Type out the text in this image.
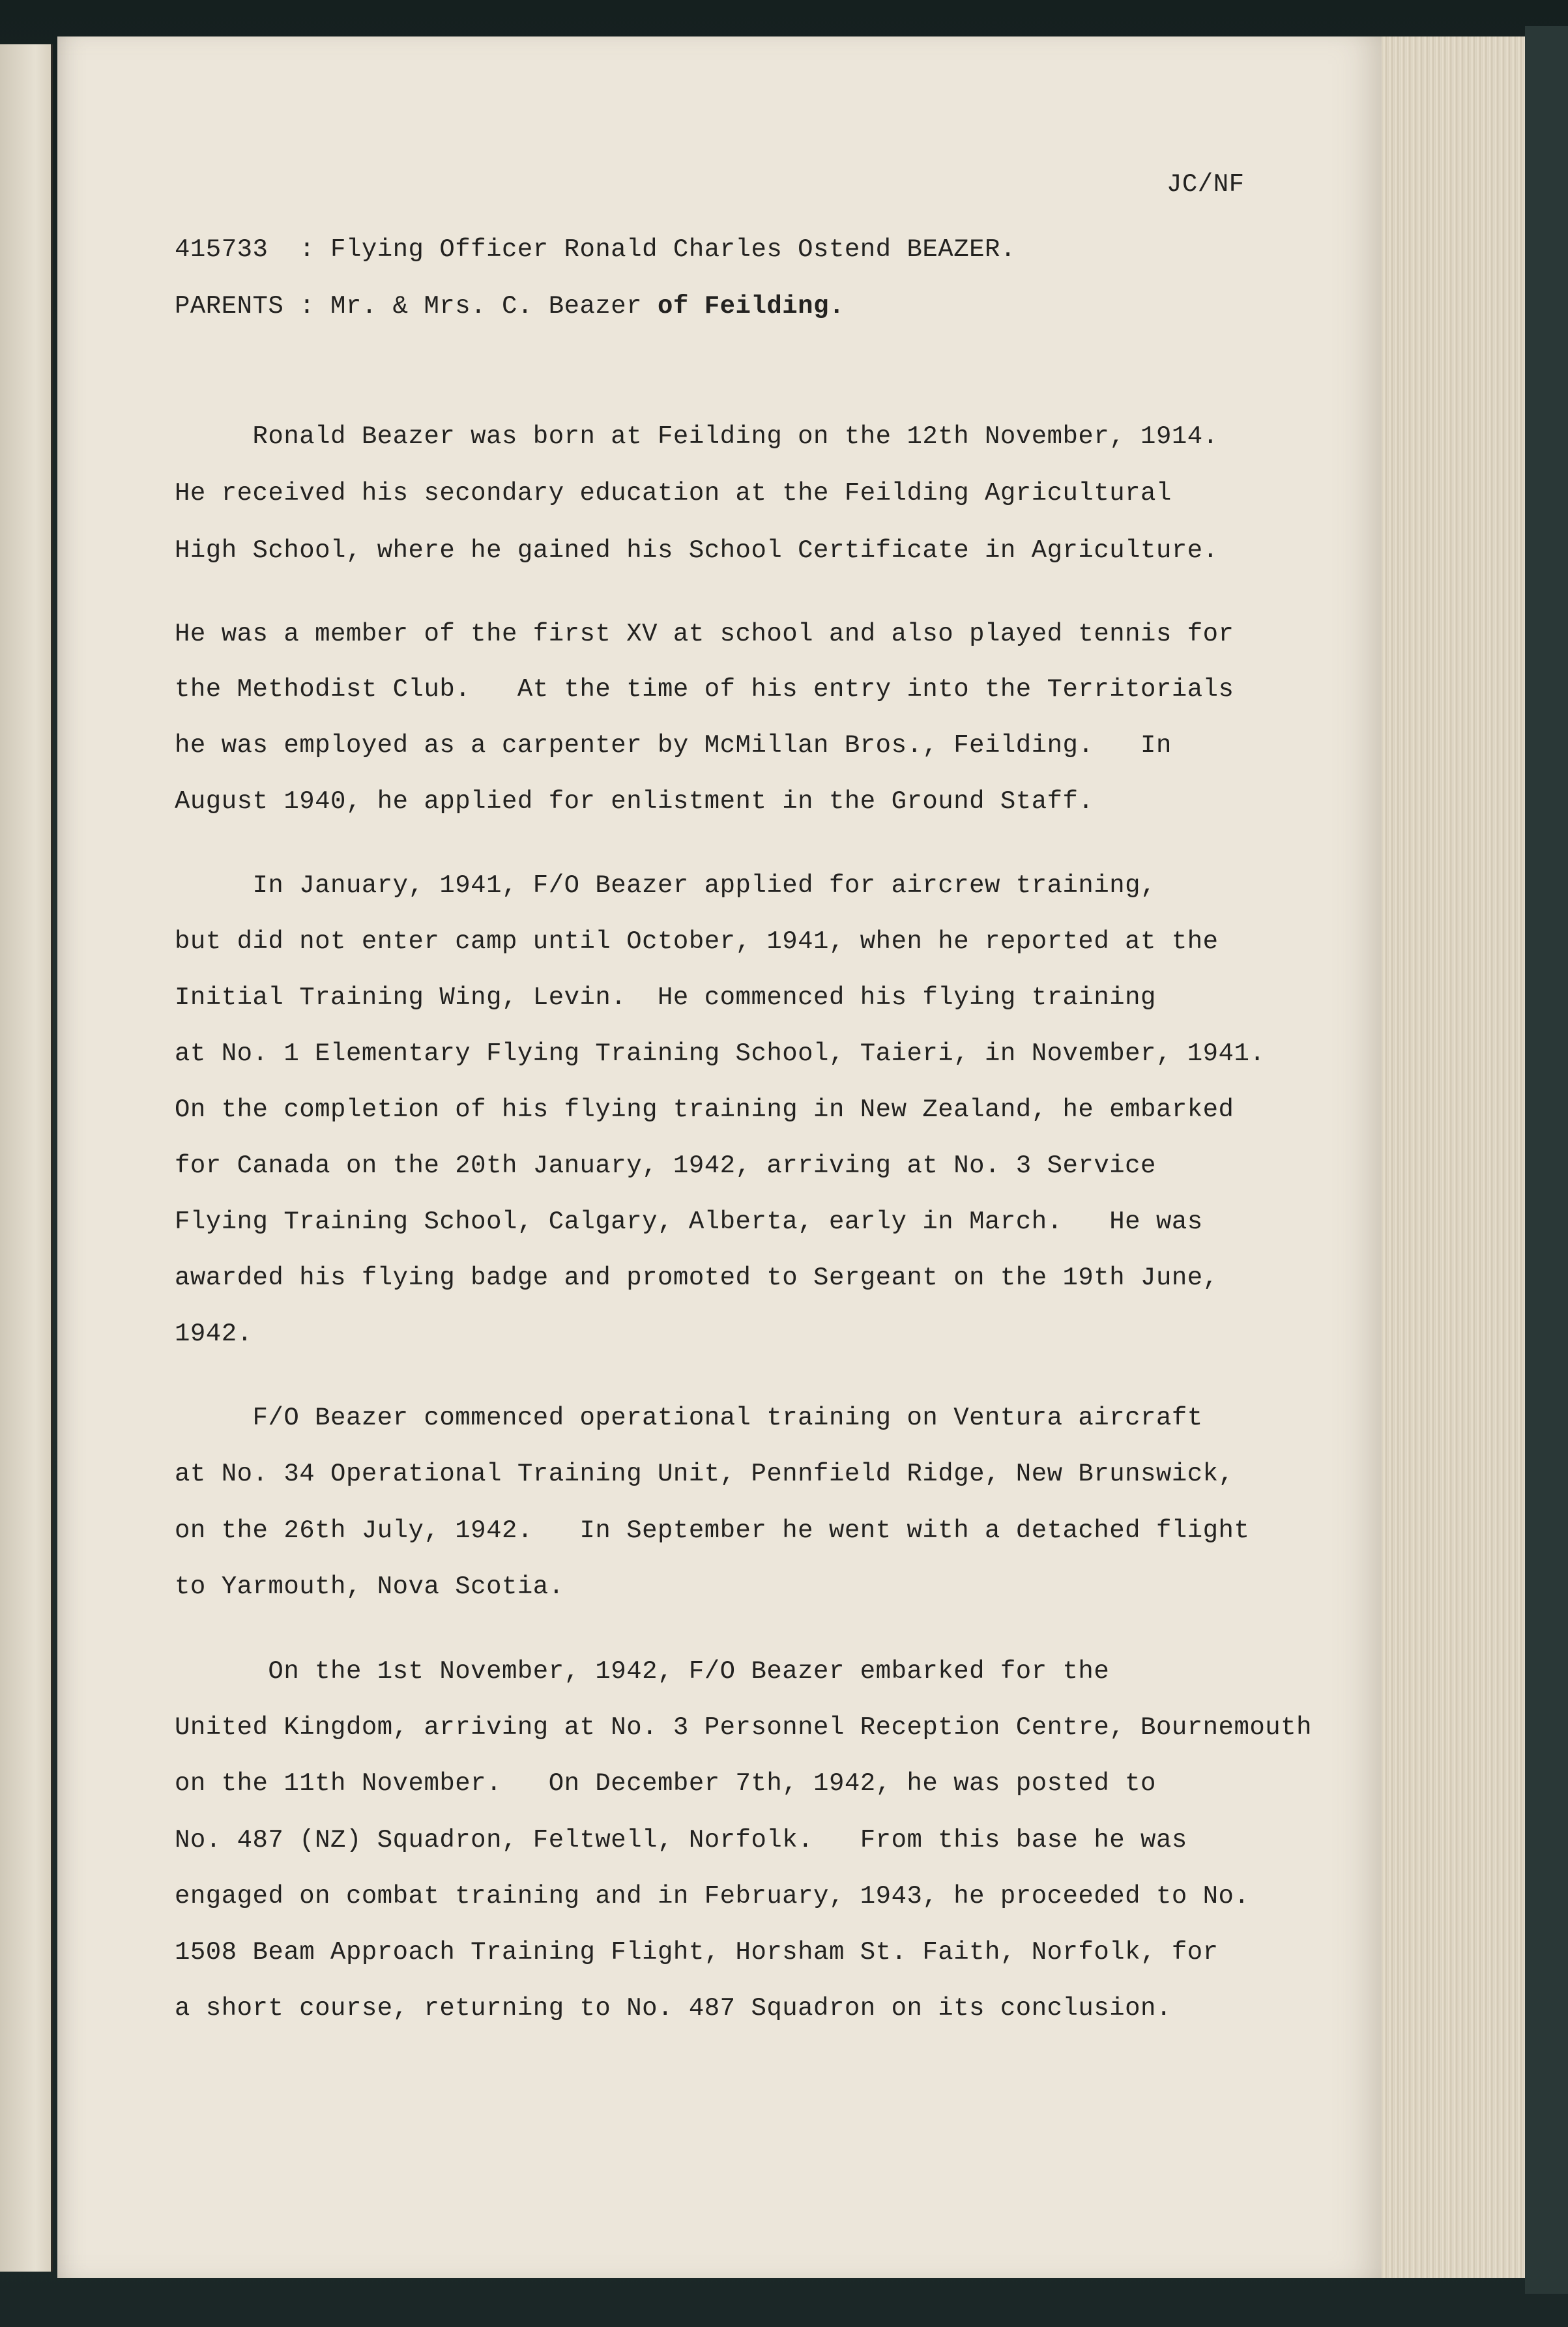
JC/NF
415733  : Flying Officer Ronald Charles Ostend BEAZER.
PARENTS : Mr. & Mrs. C. Beazer of Feilding.
Ronald Beazer was born at Feilding on the 12th November, 1914.
He received his secondary education at the Feilding Agricultural
High School, where he gained his School Certificate in Agriculture.
He was a member of the first XV at school and also played tennis for
the Methodist Club.   At the time of his entry into the Territorials
he was employed as a carpenter by McMillan Bros., Feilding.   In
August 1940, he applied for enlistment in the Ground Staff.
In January, 1941, F/O Beazer applied for aircrew training,
but did not enter camp until October, 1941, when he reported at the
Initial Training Wing, Levin.  He commenced his flying training
at No. 1 Elementary Flying Training School, Taieri, in November, 1941.
On the completion of his flying training in New Zealand, he embarked
for Canada on the 20th January, 1942, arriving at No. 3 Service
Flying Training School, Calgary, Alberta, early in March.   He was
awarded his flying badge and promoted to Sergeant on the 19th June,
1942.
F/O Beazer commenced operational training on Ventura aircraft
at No. 34 Operational Training Unit, Pennfield Ridge, New Brunswick,
on the 26th July, 1942.   In September he went with a detached flight
to Yarmouth, Nova Scotia.
On the 1st November, 1942, F/O Beazer embarked for the
United Kingdom, arriving at No. 3 Personnel Reception Centre, Bournemouth
on the 11th November.   On December 7th, 1942, he was posted to
No. 487 (NZ) Squadron, Feltwell, Norfolk.   From this base he was
engaged on combat training and in February, 1943, he proceeded to No.
1508 Beam Approach Training Flight, Horsham St. Faith, Norfolk, for
a short course, returning to No. 487 Squadron on its conclusion.
